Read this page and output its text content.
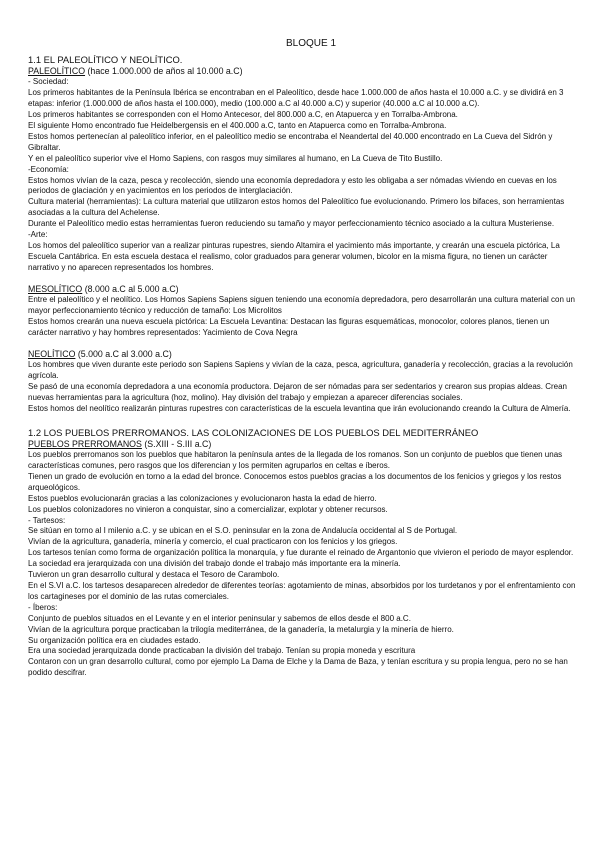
BLOQUE 1
1.1 EL PALEOLÍTICO Y NEOLÍTICO.
PALEOLÍTICO (hace 1.000.000 de años al 10.000 a.C)
- Sociedad:
Los primeros habitantes de la Península Ibérica se encontraban en el Paleolítico, desde hace 1.000.000 de años hasta el 10.000 a.C. y se dividirá en 3 etapas: inferior (1.000.000 de años hasta el 100.000), medio (100.000 a.C al 40.000 a.C) y superior (40.000 a.C al 10.000 a.C).
Los primeros habitantes se corresponden con el Homo Antecesor, del 800.000 a.C, en Atapuerca y en Torralba-Ambrona.
El siguiente Homo encontrado fue Heidelbergensis en el 400.000 a.C, tanto en Atapuerca como en Torralba-Ambrona.
Estos homos pertenecían al paleolítico inferior, en el paleolítico medio se encontraba el Neandertal del 40.000 encontrado en La Cueva del Sidrón y Gibraltar.
Y en el paleolítico superior vive el Homo Sapiens, con rasgos muy similares al humano, en La Cueva de Tito Bustillo.
-Economía:
Estos homos vivían de la caza, pesca y recolección, siendo una economía depredadora y esto les obligaba a ser nómadas viviendo en cuevas en los periodos de glaciación y en yacimientos en los periodos de interglaciación.
Cultura material (herramientas): La cultura material que utilizaron estos homos del Paleolítico fue evolucionando. Primero los bifaces, son herramientas asociadas a la cultura del Achelense.
Durante el Paleolítico medio estas herramientas fueron reduciendo su tamaño y mayor perfeccionamiento técnico asociado a la cultura Musteriense.
-Arte:
Los homos del paleolítico superior van a realizar pinturas rupestres, siendo Altamira el yacimiento más importante, y crearán una escuela pictórica, La Escuela Cantábrica. En esta escuela destaca el realismo, color graduados para generar volumen, bicolor en la misma figura, no tienen un carácter narrativo y no aparecen representados los hombres.
MESOLÍTICO (8.000 a.C al 5.000 a.C)
Entre el paleolítico y el neolítico. Los Homos Sapiens Sapiens siguen teniendo una economía depredadora, pero desarrollarán una cultura material con un mayor perfeccionamiento técnico y reducción de tamaño: Los Microlitos
Estos homos crearán una nueva escuela pictórica: La Escuela Levantina: Destacan las figuras esquemáticas, monocolor, colores planos, tienen un carácter narrativo y hay hombres representados: Yacimiento de Cova Negra
NEOLÍTICO (5.000 a.C al 3.000 a.C)
Los hombres que viven durante este periodo son Sapiens Sapiens y vivían de la caza, pesca, agricultura, ganadería y recolección, gracias a la revolución agrícola.
Se pasó de una economía depredadora a una economía productora. Dejaron de ser nómadas para ser sedentarios y crearon sus propias aldeas. Crean nuevas herramientas para la agricultura (hoz, molino). Hay división del trabajo y empiezan a aparecer diferencias sociales.
Estos homos del neolítico realizarán pinturas rupestres con características de la escuela levantina que irán evolucionando creando la Cultura de Almería.
1.2 LOS PUEBLOS PRERROMANOS. LAS COLONIZACIONES DE LOS PUEBLOS DEL MEDITERRÁNEO
PUEBLOS PRERROMANOS (S.XIII - S.III a.C)
Los pueblos prerromanos son los pueblos que habitaron la península antes de la llegada de los romanos. Son un conjunto de pueblos que tienen unas características comunes, pero rasgos que los diferencian y los permiten agruparlos en celtas e íberos.
Tienen un grado de evolución en torno a la edad del bronce. Conocemos estos pueblos gracias a los documentos de los fenicios y griegos y los restos arqueológicos.
Estos pueblos evolucionarán gracias a las colonizaciones y evolucionaron hasta la edad de hierro.
Los pueblos colonizadores no vinieron a conquistar, sino a comercializar, explotar y obtener recursos.
- Tartesos:
Se sitúan en torno al I milenio a.C. y se ubican en el S.O. peninsular en la zona de Andalucía occidental al S de Portugal.
Vivían de la agricultura, ganadería, minería y comercio, el cual practicaron con los fenicios y los griegos.
Los tartesos tenían como forma de organización política la monarquía, y fue durante el reinado de Argantonio que vivieron el periodo de mayor esplendor.
La sociedad era jerarquizada con una división del trabajo donde el trabajo más importante era la minería.
Tuvieron un gran desarrollo cultural y destaca el Tesoro de Carambolo.
En el S.VI a.C. los tartesos desaparecen alrededor de diferentes teorías: agotamiento de minas, absorbidos por los turdetanos y por el enfrentamiento con los cartagineses por el dominio de las rutas comerciales.
- Íberos:
Conjunto de pueblos situados en el Levante y en el interior peninsular y sabemos de ellos desde el 800 a.C.
Vivían de la agricultura porque practicaban la trilogía mediterránea, de la ganadería, la metalurgia y la minería de hierro.
Su organización política era en ciudades estado.
Era una sociedad jerarquizada donde practicaban la división del trabajo. Tenían su propia moneda y escritura
Contaron con un gran desarrollo cultural, como por ejemplo La Dama de Elche y la Dama de Baza, y tenían escritura y su propia lengua, pero no se han podido descifrar.
